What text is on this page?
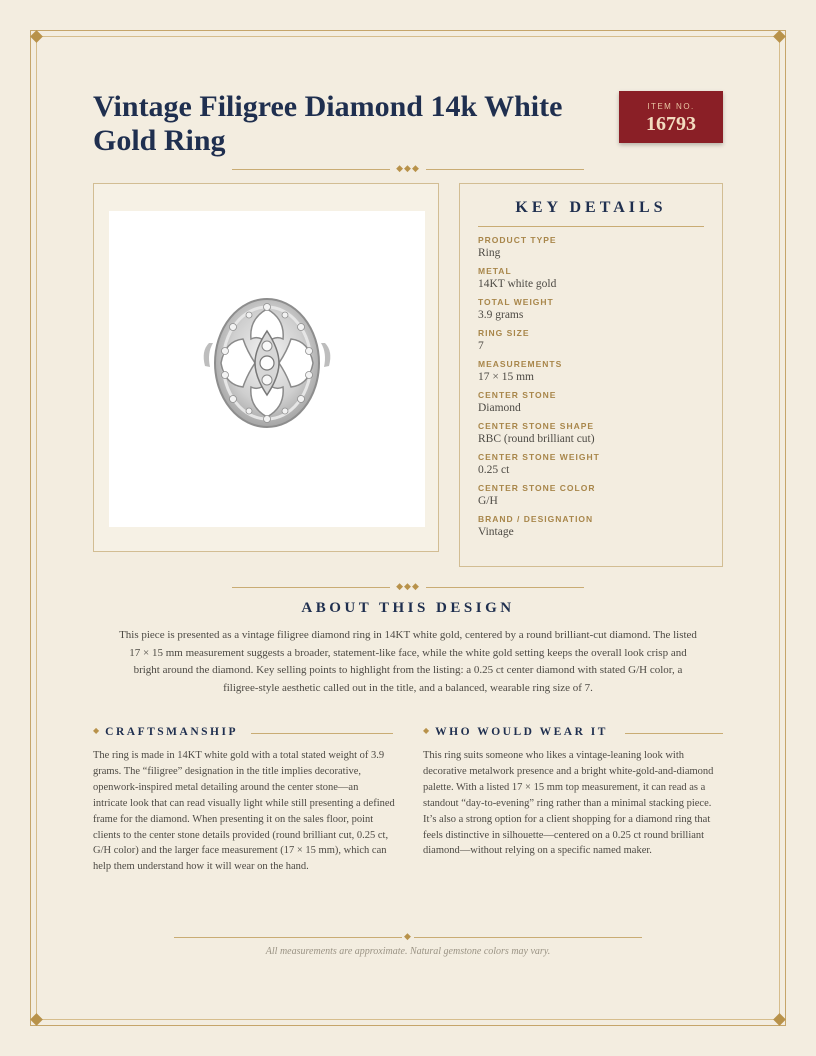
Vintage Filigree Diamond 14k White Gold Ring
ITEM NO.
16793
◆◆◆
KEY DETAILS
PRODUCT TYPE
Ring
METAL
14KT white gold
TOTAL WEIGHT
3.9 grams
RING SIZE
7
MEASUREMENTS
17 × 15 mm
CENTER STONE
Diamond
CENTER STONE SHAPE
RBC (round brilliant cut)
CENTER STONE WEIGHT
0.25 ct
CENTER STONE COLOR
G/H
BRAND / DESIGNATION
Vintage
◆◆◆
ABOUT THIS DESIGN

This piece is presented as a vintage filigree diamond ring in 14KT white gold, centered by a round brilliant-cut diamond. The listed 17 × 15 mm measurement suggests a broader, statement-like face, while the white gold setting keeps the overall look crisp and bright around the diamond. Key selling points to highlight from the listing: a 0.25 ct center diamond with stated G/H color, a filigree-style aesthetic called out in the title, and a balanced, wearable ring size of 7.

◆ CRAFTSMANSHIP

The ring is made in 14KT white gold with a total stated weight of 3.9 grams. The “filigree” designation in the title implies decorative, openwork-inspired metal detailing around the center stone—an intricate look that can read visually light while still presenting a defined frame for the diamond. When presenting it on the sales floor, point clients to the center stone details provided (round brilliant cut, 0.25 ct, G/H color) and the larger face measurement (17 × 15 mm), which can help them understand how it will wear on the hand.

◆ WHO WOULD WEAR IT

This ring suits someone who likes a vintage-leaning look with decorative metalwork presence and a bright white-gold-and-diamond palette. With a listed 17 × 15 mm top measurement, it can read as a standout “day-to-evening” ring rather than a minimal stacking piece. It’s also a strong option for a client shopping for a diamond ring that feels distinctive in silhouette—centered on a 0.25 ct round brilliant diamond—without relying on a specific named maker.

◆

All measurements are approximate. Natural gemstone colors may vary.
